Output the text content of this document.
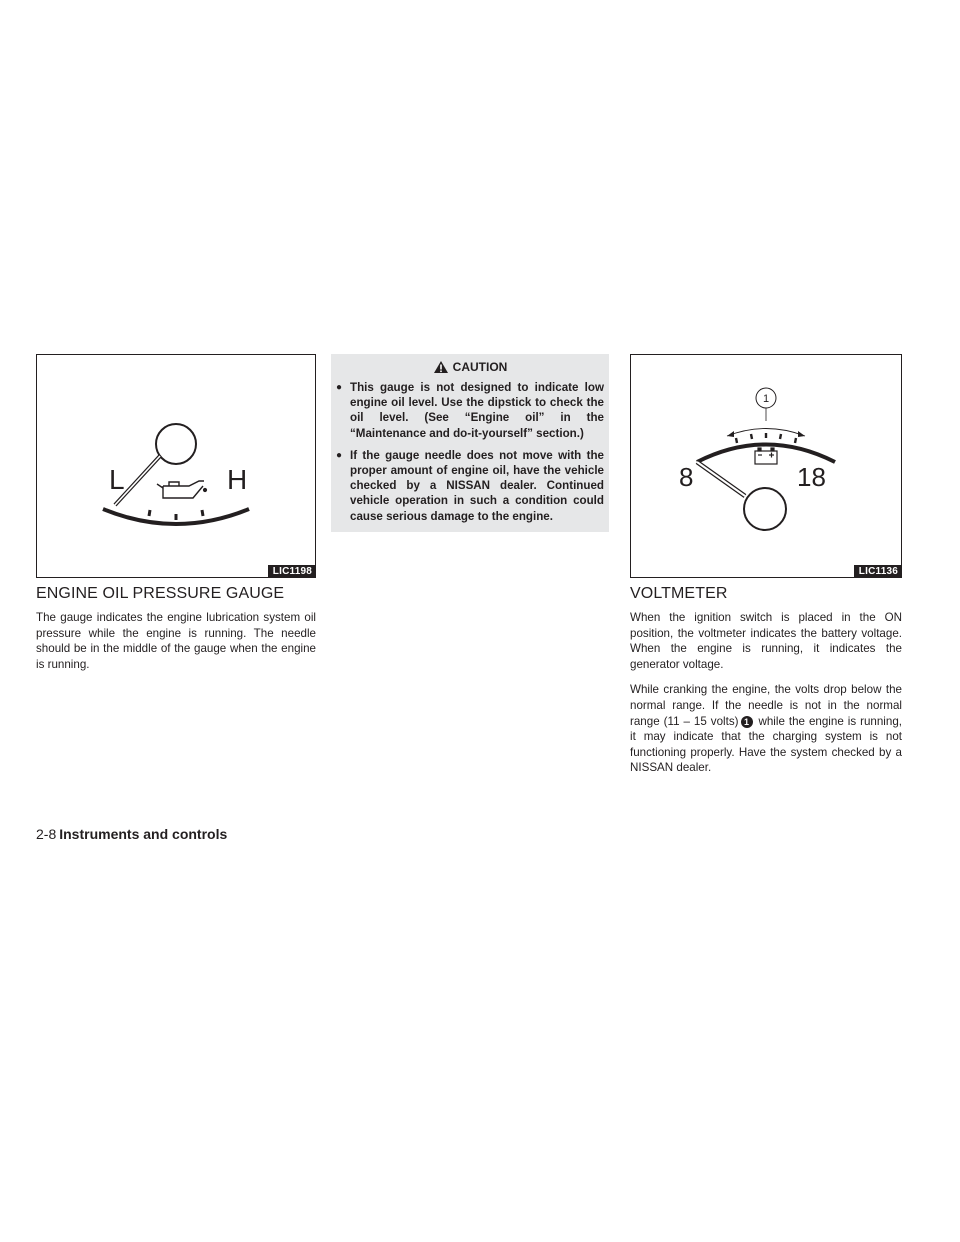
L	H
LIC1198
ENGINE OIL PRESSURE GAUGE

The gauge indicates the engine lubrication system oil pressure while the engine is running. The needle should be in the middle of the gauge when the engine is running.

CAUTION
● This gauge is not designed to indicate low engine oil level. Use the dipstick to check the oil level. (See “Engine oil” in the “Maintenance and do-it-yourself” section.)
● If the gauge needle does not move with the proper amount of engine oil, have the vehicle checked by a NISSAN dealer. Continued vehicle operation in such a condition could cause serious damage to the engine.
1
8	18
LIC1136
VOLTMETER

When the ignition switch is placed in the ON position, the voltmeter indicates the battery voltage. When the engine is running, it indicates the generator voltage.

While cranking the engine, the volts drop below the normal range. If the needle is not in the normal range (11 – 15 volts) 1 while the engine is running, it may indicate that the charging system is not functioning properly. Have the system checked by a NISSAN dealer.

2-8 Instruments and controls
